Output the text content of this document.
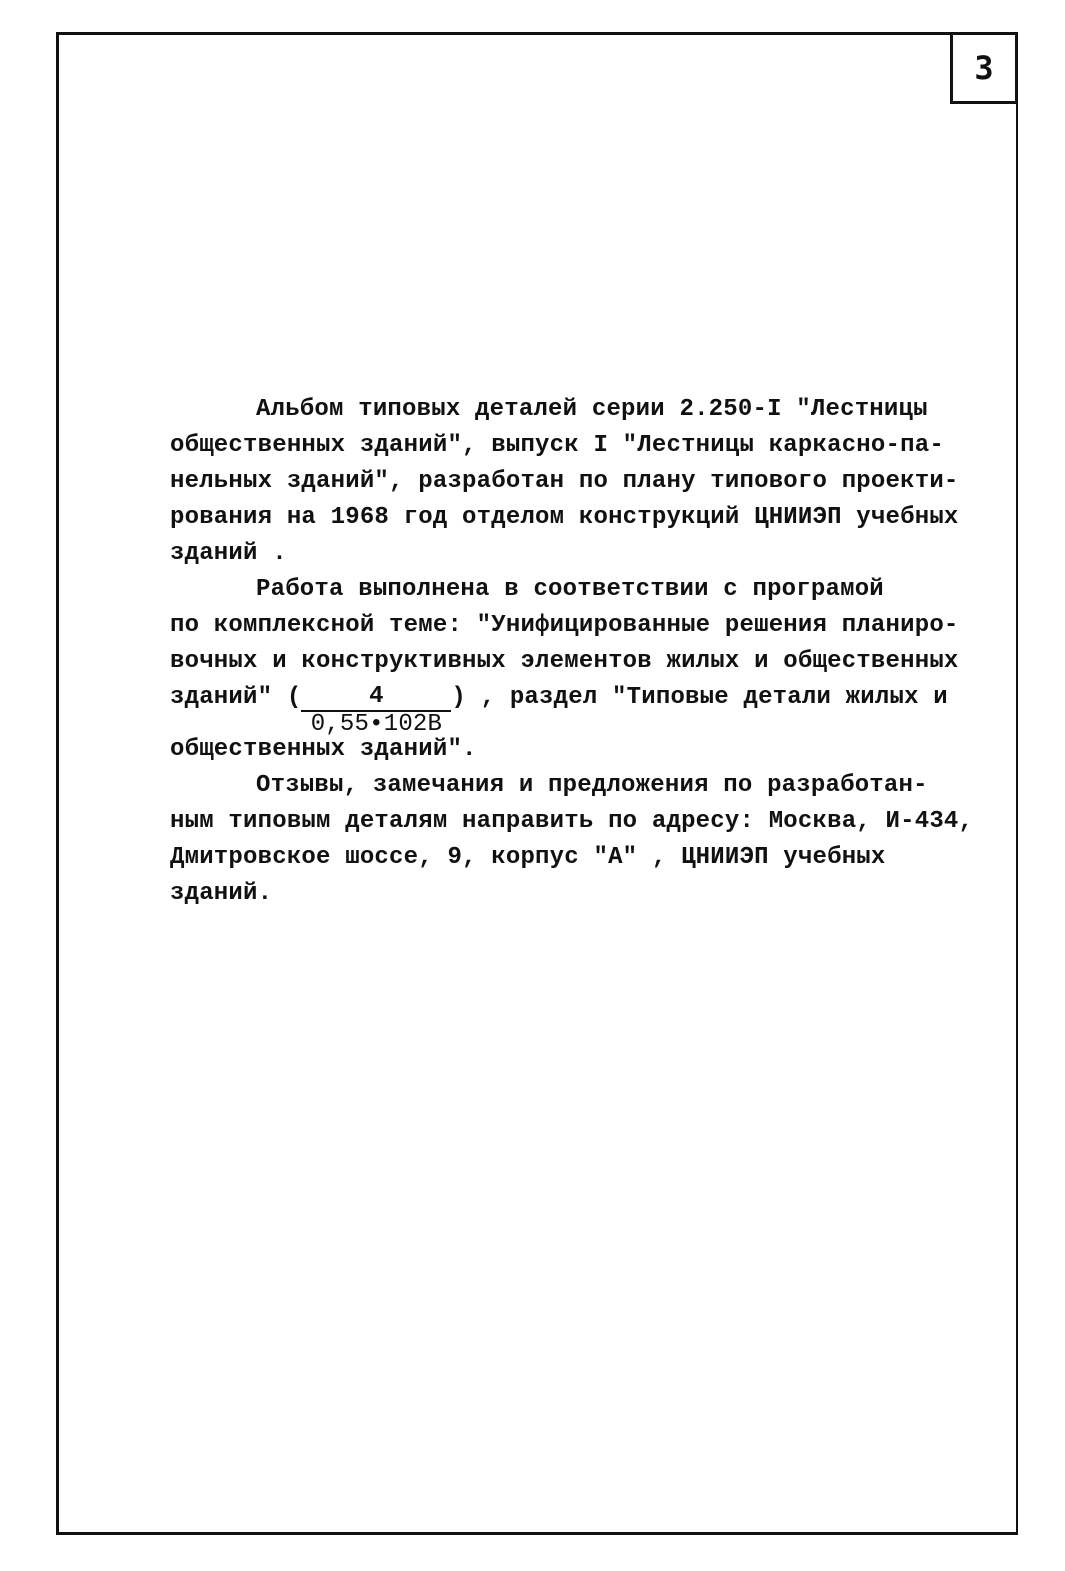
3
Альбом типовых деталей серии 2.250-I "Лестницы
общественных зданий", выпуск I "Лестницы каркасно-па-
нельных зданий", разработан по плану типового проекти-
рования на 1968 год отделом конструкций ЦНИИЭП учебных
зданий .
Работа выполнена в соответствии с програмой
по комплексной теме: "Унифицированные решения планиро-
вочных и конструктивных элементов жилых и общественных
зданий" ( $\frac{4}{0,55•102В}$ ) , раздел "Типовые детали жилых и
общественных зданий".
Отзывы, замечания и предложения по разработан-
ным типовым деталям направить по адресу: Москва, И-434,
Дмитровское шоссе, 9, корпус "А" , ЦНИИЭП учебных
зданий.
